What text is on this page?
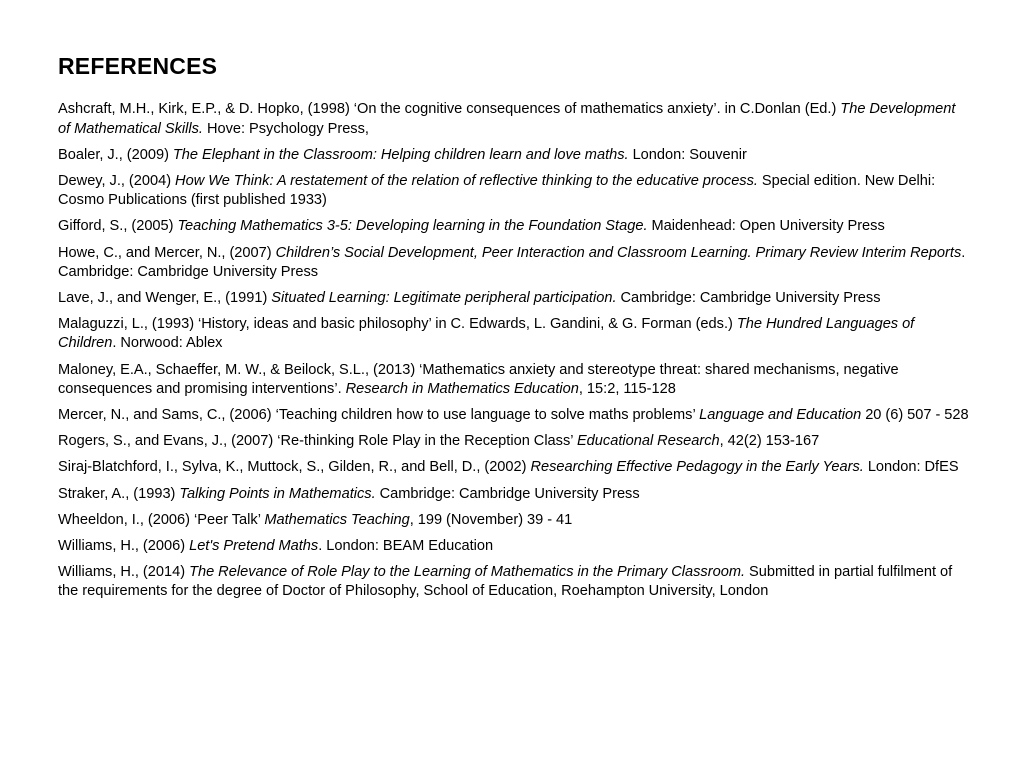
REFERENCES
Ashcraft, M.H., Kirk, E.P., & D. Hopko, (1998) ‘On the cognitive consequences of mathematics anxiety’. in C.Donlan (Ed.) The Development of Mathematical Skills. Hove: Psychology Press,
Boaler, J., (2009) The Elephant in the Classroom: Helping children learn and love maths. London: Souvenir
Dewey, J., (2004) How We Think: A restatement of the relation of reflective thinking to the educative process. Special edition. New Delhi: Cosmo Publications (first published 1933)
Gifford, S., (2005) Teaching Mathematics 3-5: Developing learning in the Foundation Stage. Maidenhead: Open University Press
Howe, C., and Mercer, N., (2007) Children’s Social Development, Peer Interaction and Classroom Learning. Primary Review Interim Reports. Cambridge: Cambridge University Press
Lave, J., and Wenger, E., (1991) Situated Learning: Legitimate peripheral participation. Cambridge: Cambridge University Press
Malaguzzi, L., (1993) ‘History, ideas and basic philosophy’ in C. Edwards, L. Gandini, & G. Forman (eds.) The Hundred Languages of Children. Norwood: Ablex
Maloney, E.A., Schaeffer, M. W., & Beilock, S.L., (2013) ‘Mathematics anxiety and stereotype threat: shared mechanisms, negative consequences and promising interventions’. Research in Mathematics Education, 15:2, 115-128
Mercer, N., and Sams, C., (2006) ‘Teaching children how to use language to solve maths problems’ Language and Education 20 (6) 507 - 528
Rogers, S., and Evans, J., (2007) ‘Re-thinking Role Play in the Reception Class’ Educational Research, 42(2) 153-167
Siraj-Blatchford, I., Sylva, K., Muttock, S., Gilden, R., and Bell, D., (2002) Researching Effective Pedagogy in the Early Years. London: DfES
Straker, A., (1993) Talking Points in Mathematics. Cambridge: Cambridge University Press
Wheeldon, I., (2006) ‘Peer Talk’ Mathematics Teaching, 199 (November) 39 - 41
Williams, H., (2006) Let's Pretend Maths. London: BEAM Education
Williams, H., (2014) The Relevance of Role Play to the Learning of Mathematics in the Primary Classroom. Submitted in partial fulfilment of the requirements for the degree of Doctor of Philosophy, School of Education, Roehampton University, London
